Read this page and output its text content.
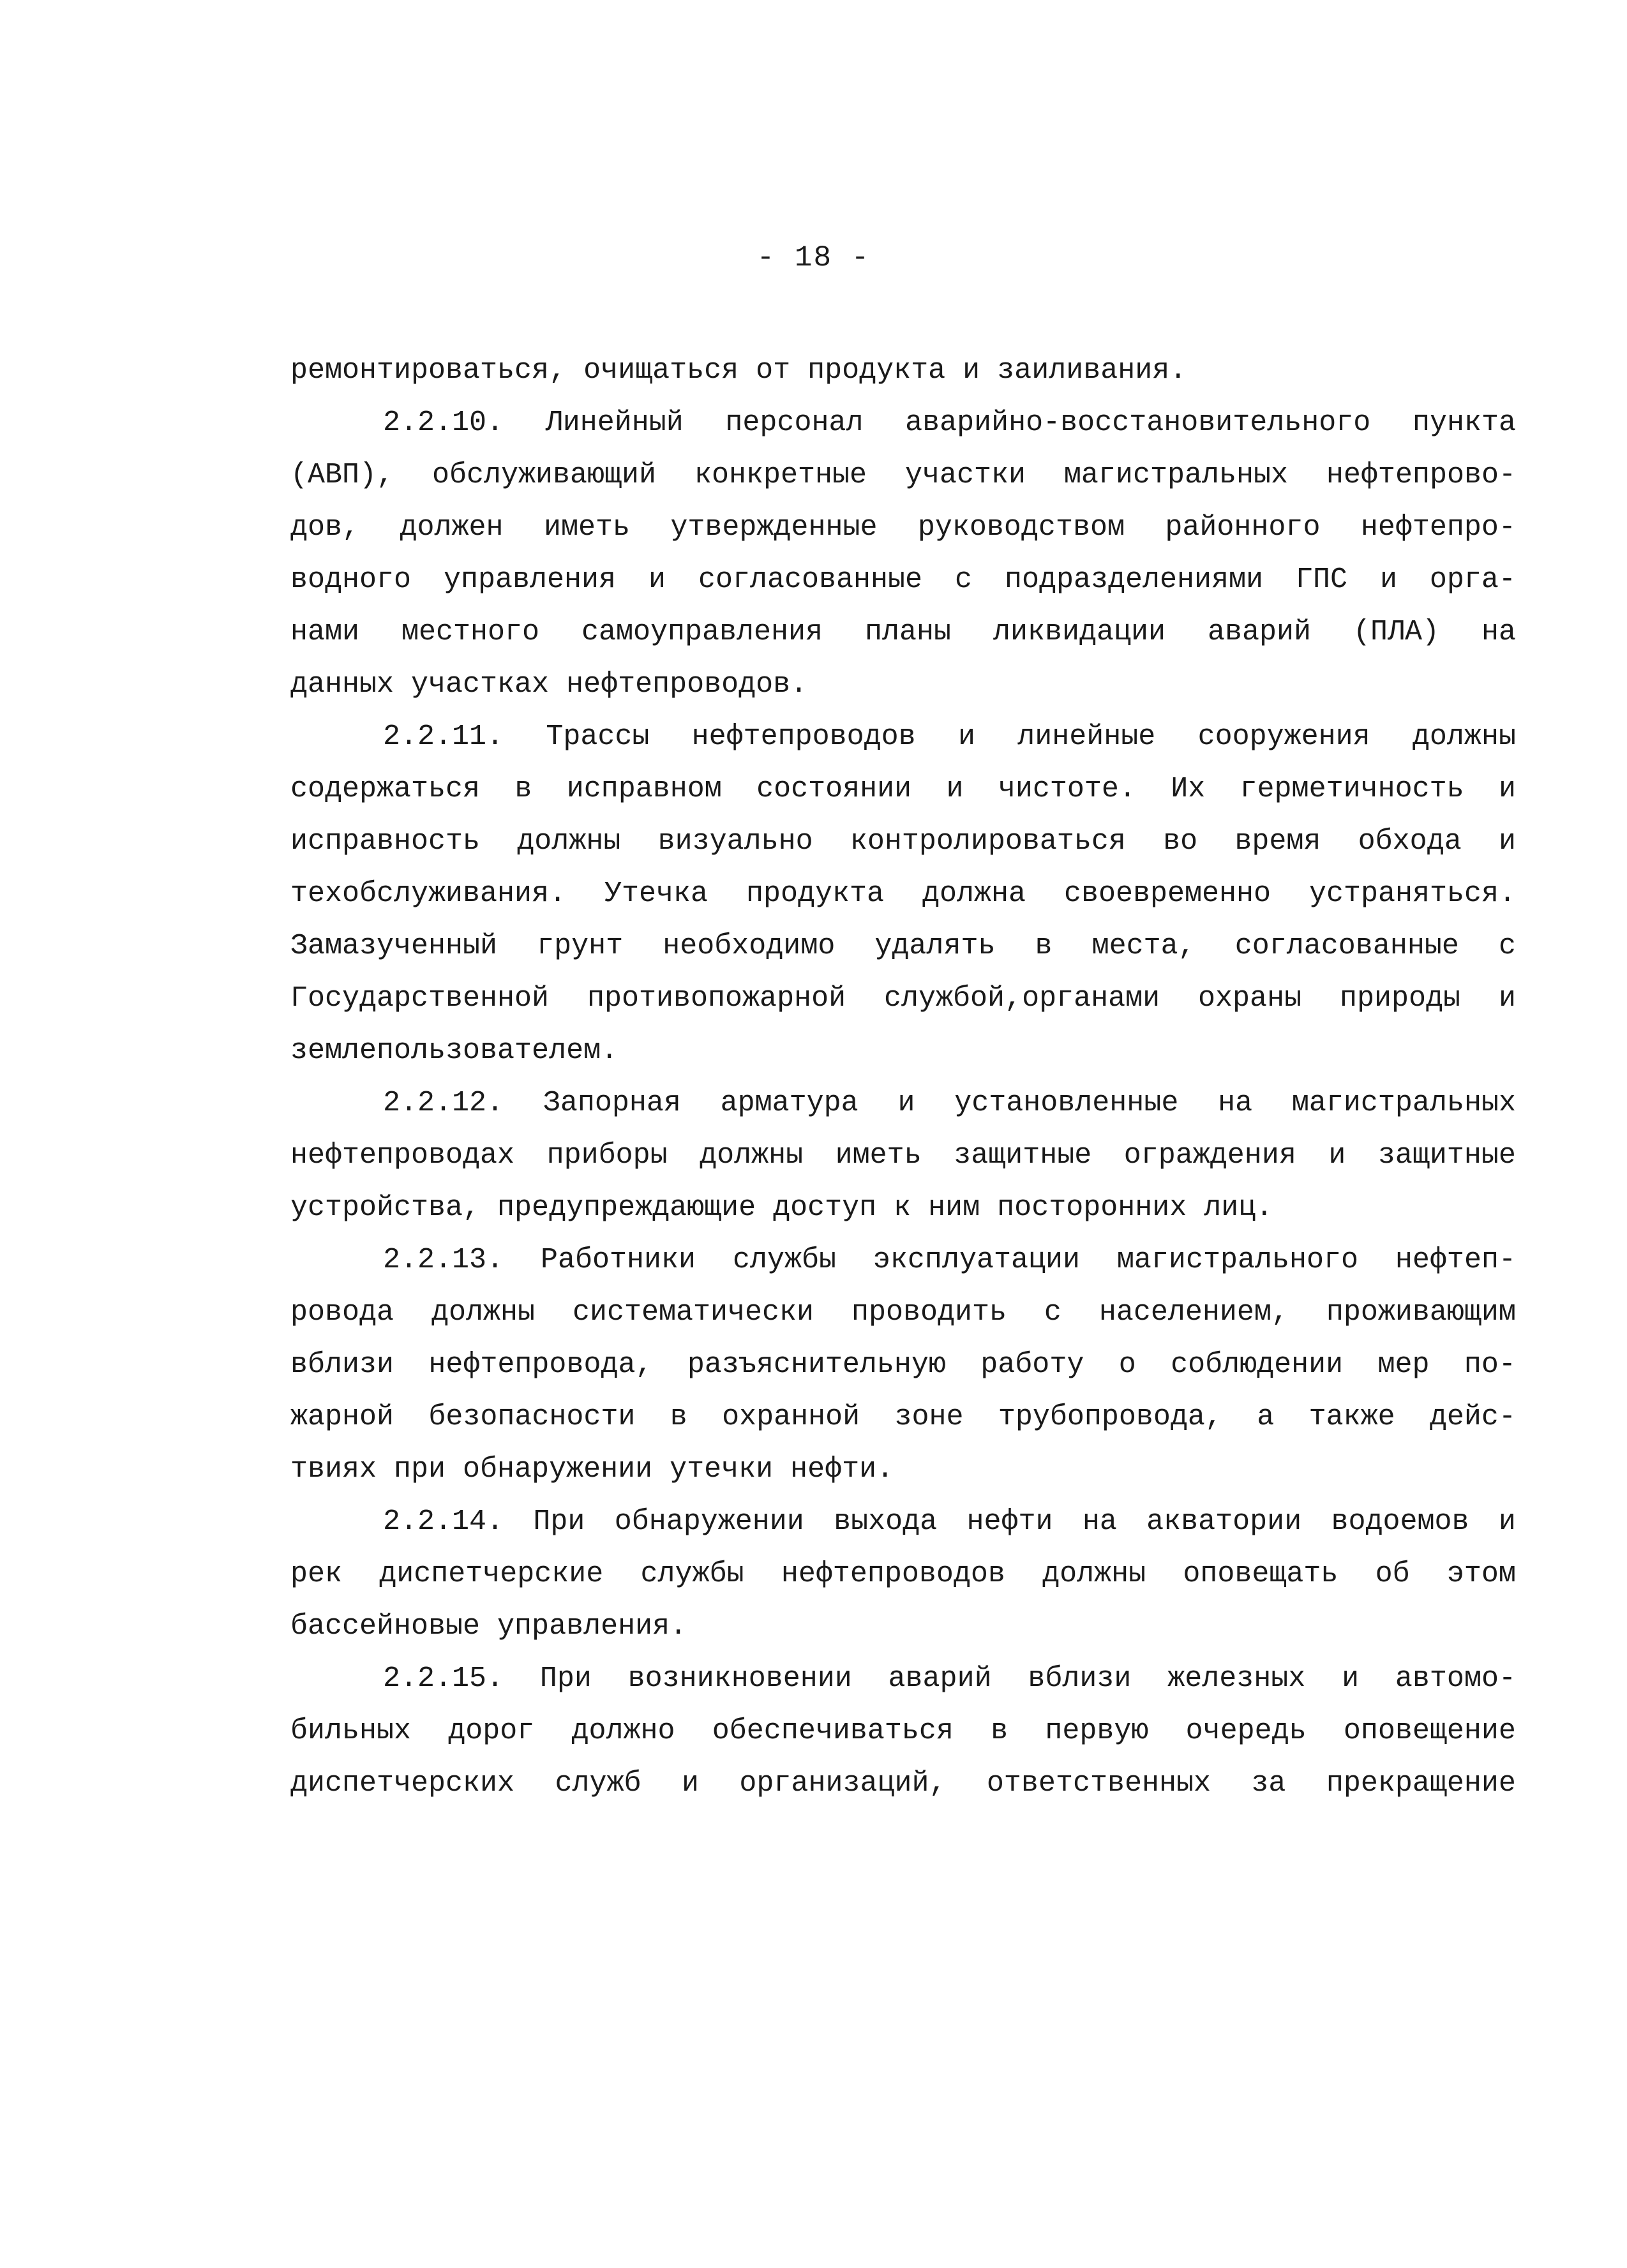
- 18 -
ремонтироваться, очищаться от продукта и заиливания.
2.2.10. Линейный персонал аварийно-восстановительного пункта
(АВП), обслуживающий конкретные участки магистральных нефтепрово-
дов, должен иметь утвержденные руководством районного нефтепро-
водного управления и согласованные с подразделениями ГПС и орга-
нами местного самоуправления планы ликвидации аварий (ПЛА) на
данных участках нефтепроводов.
2.2.11. Трассы нефтепроводов и линейные сооружения должны
содержаться в исправном состоянии и чистоте. Их герметичность и
исправность должны визуально контролироваться во время обхода и
техобслуживания. Утечка продукта должна своевременно устраняться.
Замазученный грунт необходимо удалять в места, согласованные с
Государственной противопожарной службой,органами охраны природы и
землепользователем.
2.2.12. Запорная арматура и установленные на магистральных
нефтепроводах приборы должны иметь защитные ограждения и защитные
устройства, предупреждающие доступ к ним посторонних лиц.
2.2.13. Работники службы эксплуатации магистрального нефтеп-
ровода должны систематически проводить с населением, проживающим
вблизи нефтепровода, разъяснительную работу о соблюдении мер по-
жарной безопасности в охранной зоне трубопровода, а также дейс-
твиях при обнаружении утечки нефти.
2.2.14. При обнаружении выхода нефти на акватории водоемов и
рек диспетчерские службы нефтепроводов должны оповещать об этом
бассейновые управления.
2.2.15. При возникновении аварий вблизи железных и автомо-
бильных дорог должно обеспечиваться в первую очередь оповещение
диспетчерских служб и организаций, ответственных за прекращение
